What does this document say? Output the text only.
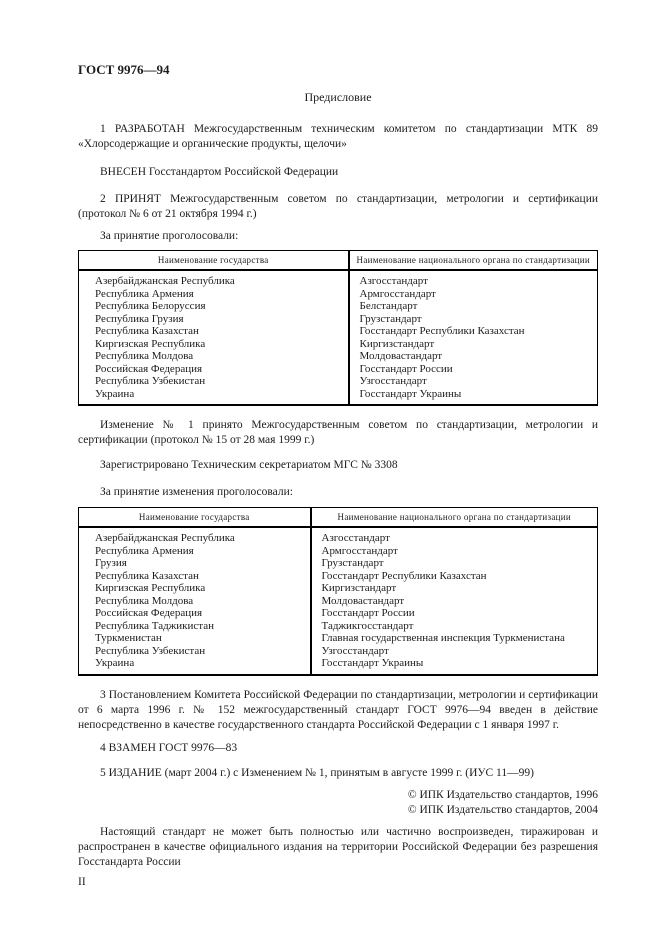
ГОСТ 9976—94
Предисловие

1 РАЗРАБОТАН Межгосударственным техническим комитетом по стандартизации МТК 89 «Хлорсодержащие и органические продукты, щелочи»

ВНЕСЕН Госстандартом Российской Федерации

2 ПРИНЯТ Межгосударственным советом по стандартизации, метрологии и сертификации (протокол № 6 от 21 октября 1994 г.)

За принятие проголосовали:

Наименование государства	Наименование национального органа по стандартизации
Азербайджанская Республика	Азгосстандарт
Республика Армения	Армгосстандарт
Республика Белоруссия	Белстандарт
Республика Грузия	Грузстандарт
Республика Казахстан	Госстандарт Республики Казахстан
Киргизская Республика	Киргизстандарт
Республика Молдова	Молдовастандарт
Российская Федерация	Госстандарт России
Республика Узбекистан	Узгосстандарт
Украина	Госстандарт Украины

Изменение № 1 принято Межгосударственным советом по стандартизации, метрологии и сертификации (протокол № 15 от 28 мая 1999 г.)

Зарегистрировано Техническим секретариатом МГС № 3308

За принятие изменения проголосовали:

Наименование государства	Наименование национального органа по стандартизации
Азербайджанская Республика	Азгосстандарт
Республика Армения	Армгосстандарт
Грузия	Грузстандарт
Республика Казахстан	Госстандарт Республики Казахстан
Киргизская Республика	Киргизстандарт
Республика Молдова	Молдовастандарт
Российская Федерация	Госстандарт России
Республика Таджикистан	Таджикгосстандарт
Туркменистан	Главная государственная инспекция Туркменистана
Республика Узбекистан	Узгосстандарт
Украина	Госстандарт Украины

3 Постановлением Комитета Российской Федерации по стандартизации, метрологии и сертификации от 6 марта 1996 г. № 152 межгосударственный стандарт ГОСТ 9976—94 введен в действие непосредственно в качестве государственного стандарта Российской Федерации с 1 января 1997 г.

4 ВЗАМЕН ГОСТ 9976—83

5 ИЗДАНИЕ (март 2004 г.) с Изменением № 1, принятым в августе 1999 г. (ИУС 11—99)

© ИПК Издательство стандартов, 1996
© ИПК Издательство стандартов, 2004

Настоящий стандарт не может быть полностью или частично воспроизведен, тиражирован и распространен в качестве официального издания на территории Российской Федерации без разрешения Госстандарта России

II
